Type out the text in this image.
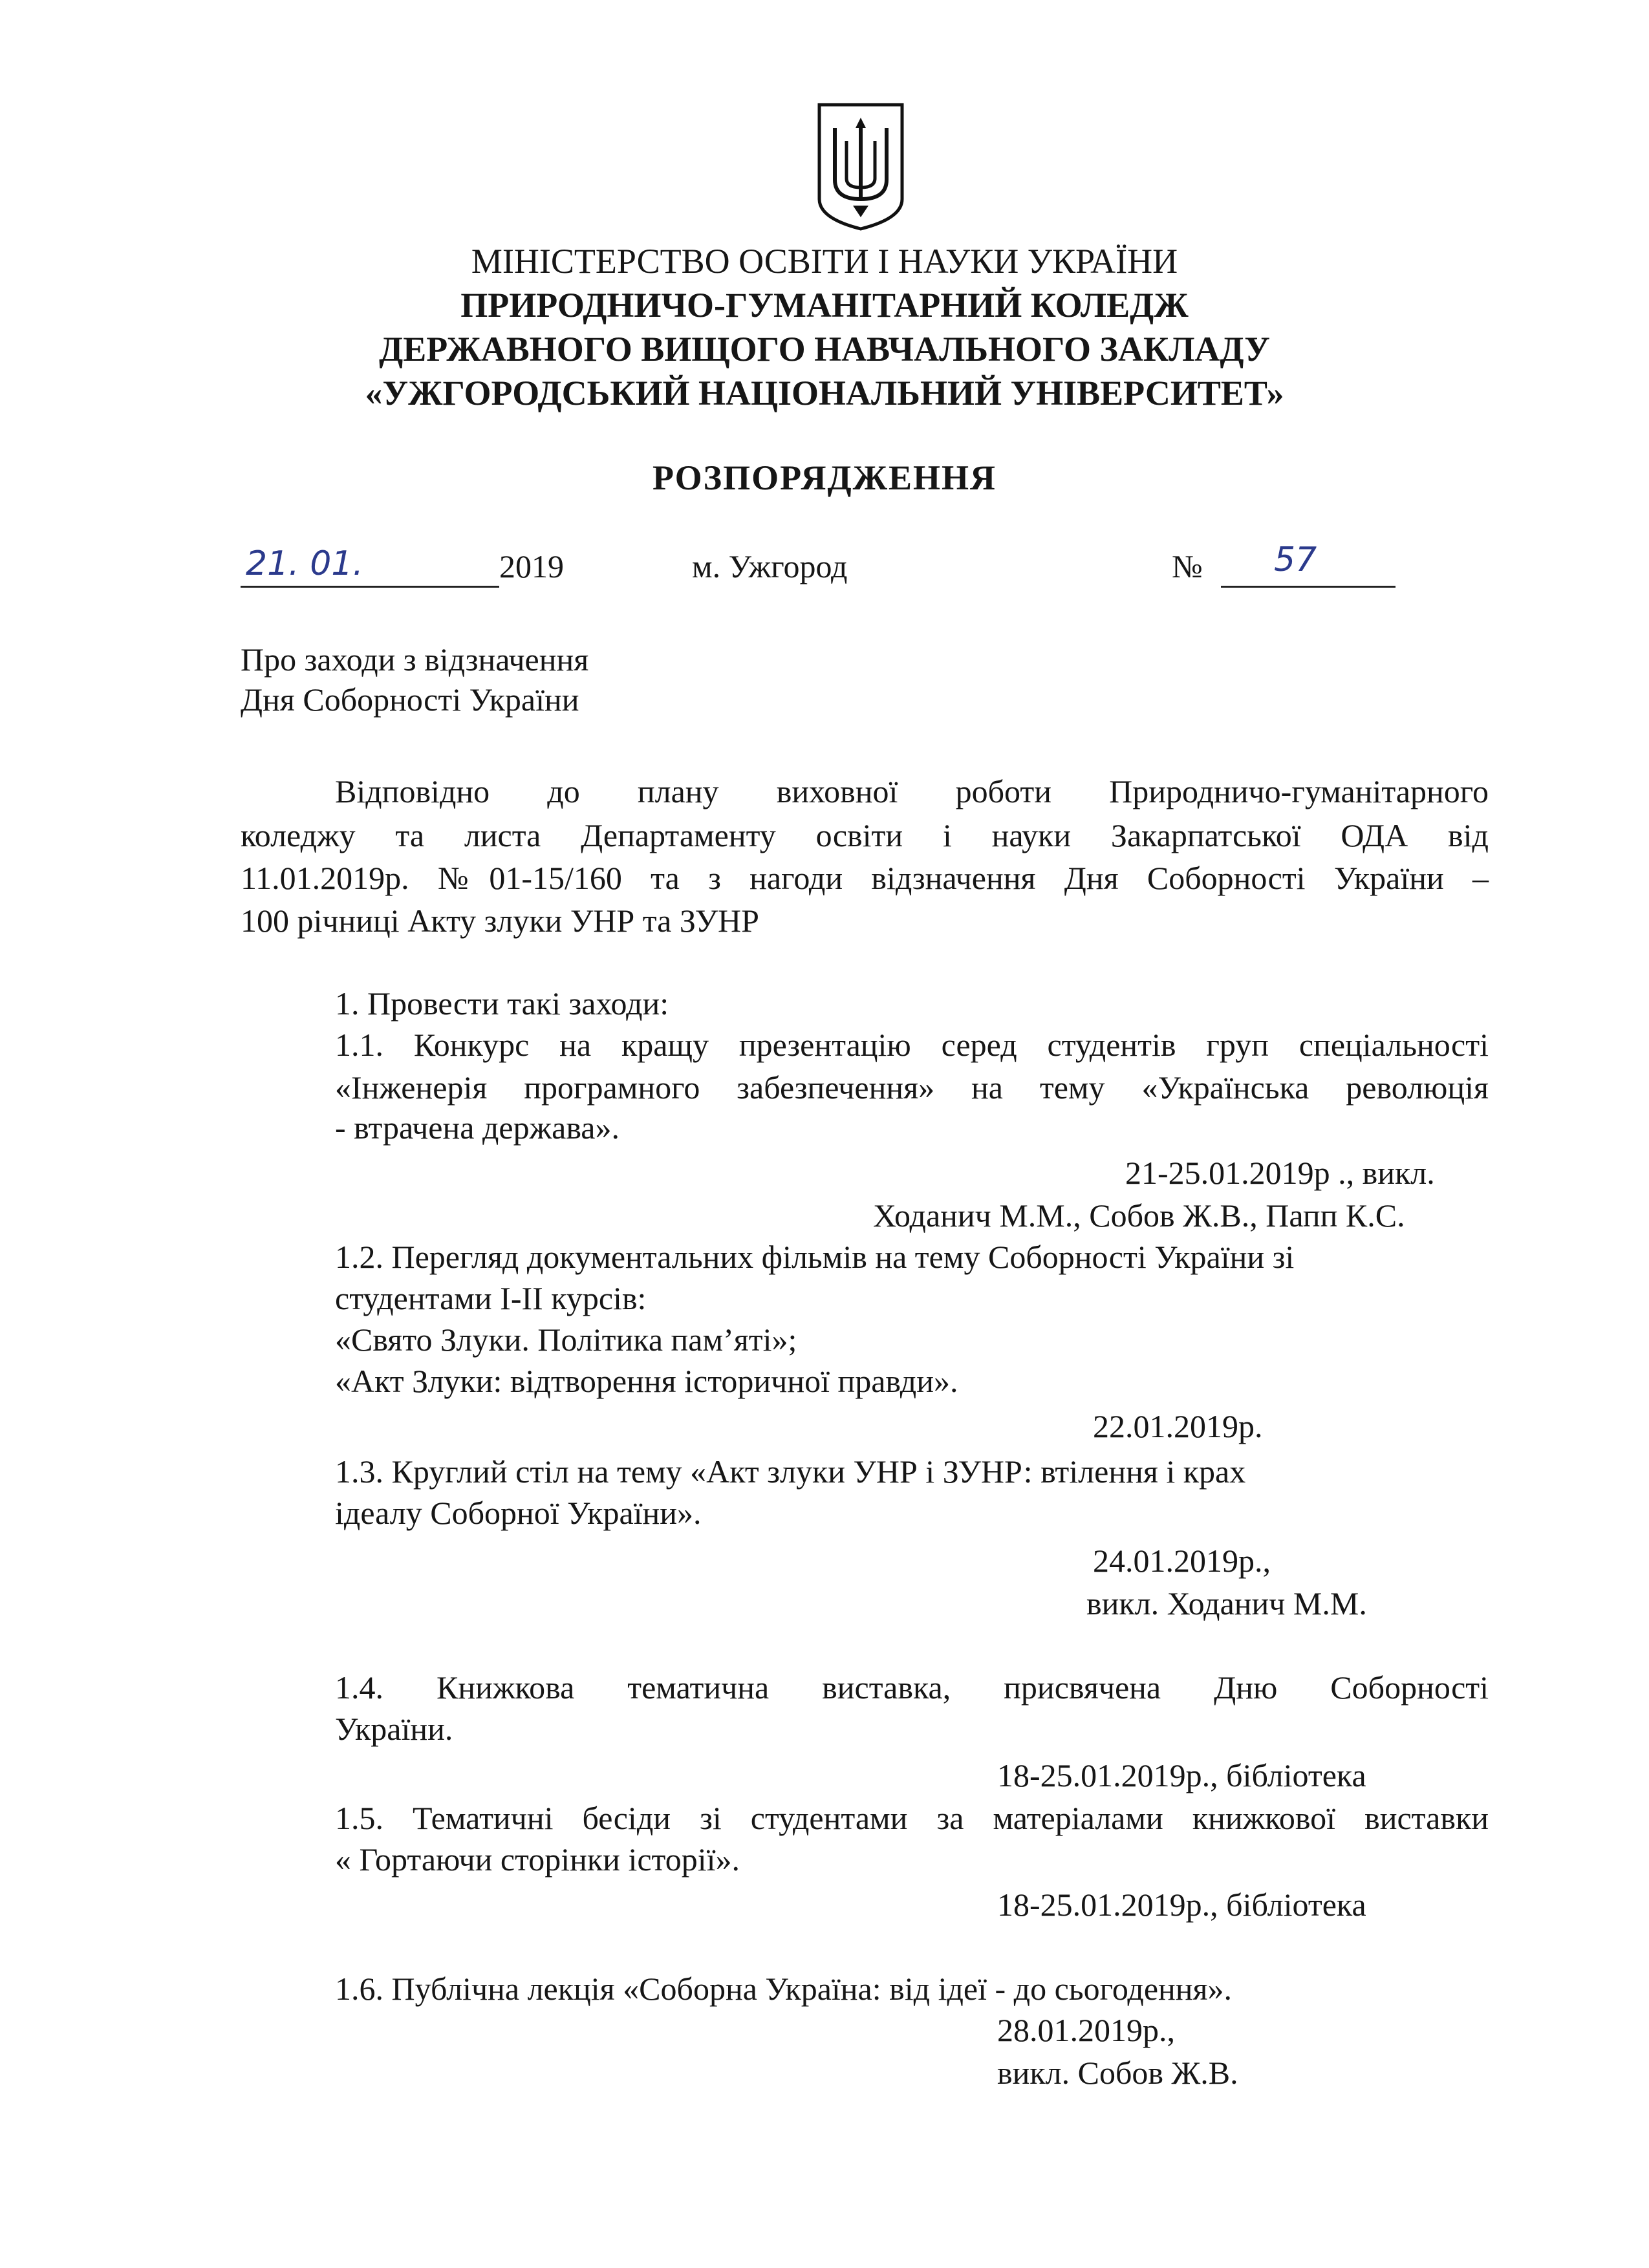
МІНІСТЕРСТВО ОСВІТИ І НАУКИ УКРАЇНИ
ПРИРОДНИЧО-ГУМАНІТАРНИЙ КОЛЕДЖ
ДЕРЖАВНОГО ВИЩОГО НАВЧАЛЬНОГО ЗАКЛАДУ
«УЖГОРОДСЬКИЙ НАЦІОНАЛЬНИЙ УНІВЕРСИТЕТ»
РОЗПОРЯДЖЕННЯ
21. 01.	2019	м. Ужгород	№ 57
Про заходи з відзначення
Дня Соборності України
Відповідно до плану виховної роботи Природничо-гуманітарного
коледжу та листа Департаменту освіти і науки Закарпатської ОДА від
11.01.2019р. №01-15/160 та з нагоди відзначення Дня Соборності України –
100 річниці Акту злуки УНР та ЗУНР
1. Провести такі заходи:
1.1. Конкурс на кращу презентацію серед студентів груп спеціальності
«Інженерія програмного забезпечення» на тему «Українська революція
- втрачена держава».
21-25.01.2019р ., викл.
Ходанич М.М., Собов Ж.В., Папп К.С.
1.2. Перегляд документальних фільмів на тему Соборності України зі
студентами І-ІІ курсів:
«Свято Злуки. Політика пам’яті»;
«Акт Злуки: відтворення історичної правди».
22.01.2019р.
1.3. Круглий стіл на тему «Акт злуки УНР і ЗУНР: втілення і крах
ідеалу Соборної України».
24.01.2019р.,
викл. Ходанич М.М.
1.4. Книжкова тематична виставка, присвячена Дню Соборності
України.
18-25.01.2019р., бібліотека
1.5. Тематичні бесіди зі студентами за матеріалами книжкової виставки
« Гортаючи сторінки історії».
18-25.01.2019р., бібліотека
1.6. Публічна лекція «Соборна Україна: від ідеї - до сьогодення».
28.01.2019р.,
викл. Собов Ж.В.
